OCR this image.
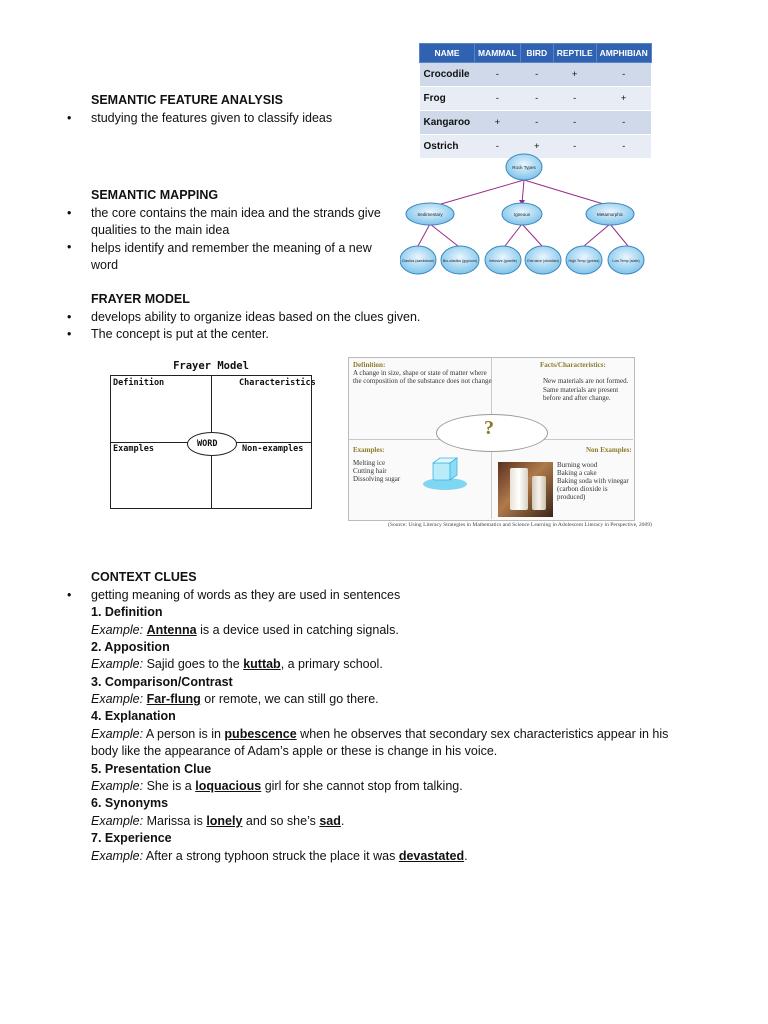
SEMANTIC FEATURE ANALYSIS
• studying the features given to classify ideas
NAME	MAMMAL	BIRD	REPTILE	AMPHIBIAN
Crocodile	-	-	+	-
Frog	-	-	-	+
Kangaroo	+	-	-	-
Ostrich	-	+	-	-
SEMANTIC MAPPING
• the core contains the main idea and the strands give
qualities to the main idea
• helps identify and remember the meaning of a new
word
Rock Types
Sedimentary	Igneous	Metamorphic
Clastics (sandstone) Bio-clastics (gypsum)	Intrusive (granite)	Extrusive (obsidian)	High Temp (gneiss)	Low Temp (slate)
FRAYER MODEL
• develops ability to organize ideas based on the clues given.
• The concept is put at the center.
Frayer Model
WORD
Definition	Characteristics
Examples	Non-examples
?
Definition:
A change in size, shape or state of matter where
the composition of the substance does not change
Facts/Characteristics:
New materials are not formed.
Same materials are present
before and after change.
Examples:
Melting ice
Cutting hair
Dissolving sugar
Non Examples:
Burning wood
Baking a cake
Baking soda with vinegar
(carbon dioxide is
produced)
(Source: Using Literacy Strategies in Mathematics and Science Learning in Adolescent Literacy in Perspective, 2009)
CONTEXT CLUES
• getting meaning of words as they are used in sentences
1. Definition
Example: Antenna is a device used in catching signals.
2. Apposition
Example: Sajid goes to the kuttab, a primary school.
3. Comparison/Contrast
Example: Far-flung or remote, we can still go there.
4. Explanation
Example: A person is in pubescence when he observes that secondary sex characteristics appear in his
body like the appearance of Adam’s apple or these is change in his voice.
5. Presentation Clue
Example: She is a loquacious girl for she cannot stop from talking.
6. Synonyms
Example: Marissa is lonely and so she’s sad.
7. Experience
Example: After a strong typhoon struck the place it was devastated.
